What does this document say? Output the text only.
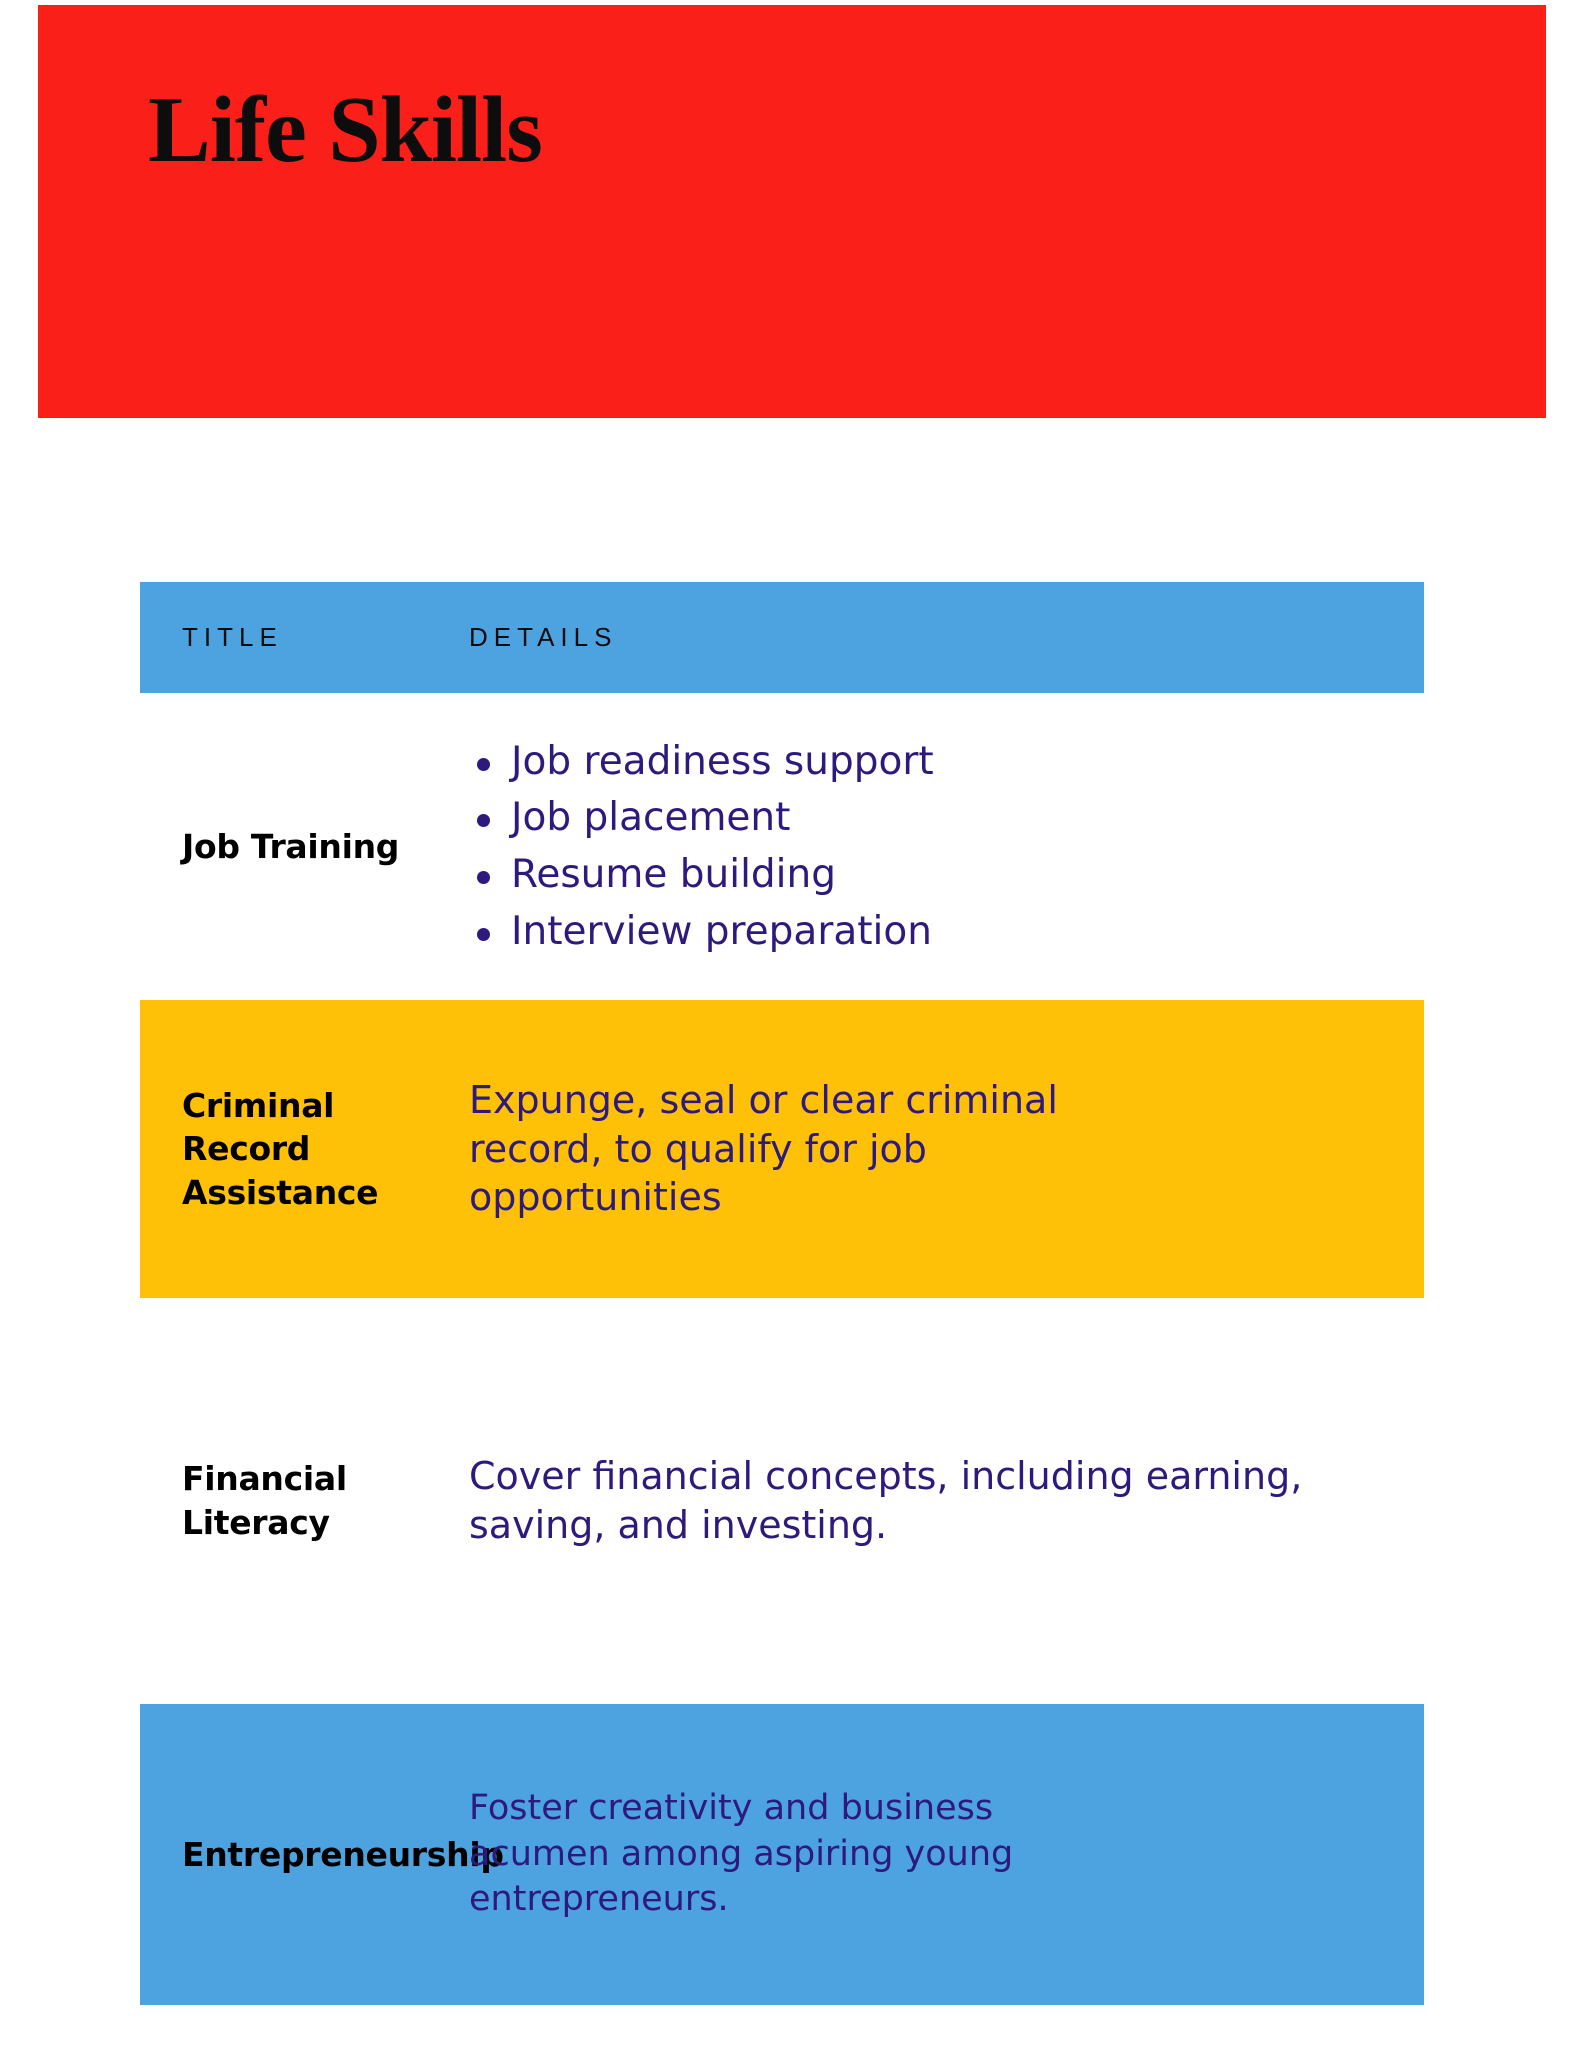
Life Skills
TITLE	DETAILS
Job Training
Job readiness support
Job placement
Resume building
Interview preparation
Criminal
Record
Assistance
Expunge, seal or clear criminal record, to qualify for job opportunities
Financial
Literacy
Cover financial concepts, including earning, saving, and investing.
Entrepreneurship
Foster creativity and business acumen among aspiring young entrepreneurs.
